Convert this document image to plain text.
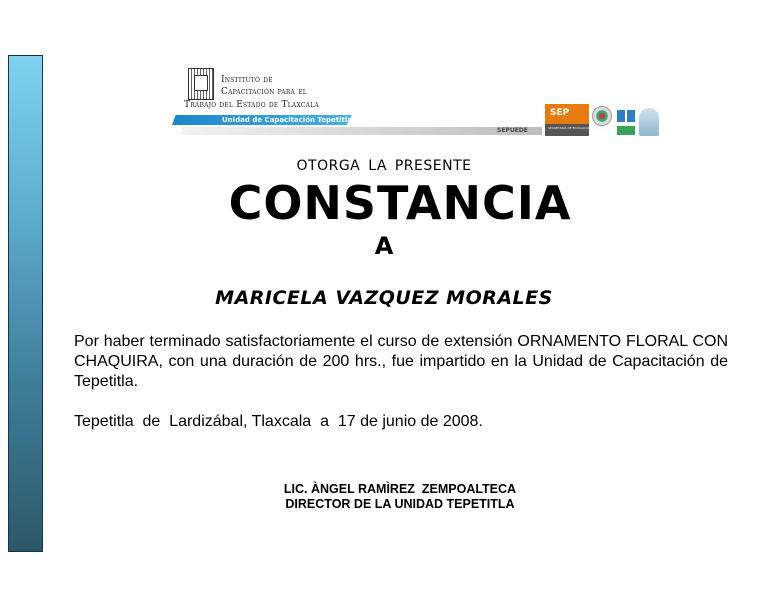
Instituto de
Capacitación para el
Trabajo del Estado de Tlaxcala
SEPUEDE
Unidad de Capacitación Tepetitla
SEP
SECRETARÍA DE EDUCACIÓN PÚBLICA
OTORGA LA PRESENTE
CONSTANCIA
A
MARICELA VAZQUEZ MORALES
Por haber terminado satisfactoriamente el curso de extensión ORNAMENTO FLORAL CON CHAQUIRA, con una duración de 200 hrs., fue impartido en la Unidad de Capacitación de Tepetitla.
Tepetitla  de  Lardizábal, Tlaxcala  a  17 de junio de 2008.
LIC. ÀNGEL RAMÌREZ  ZEMPOALTECA
DIRECTOR DE LA UNIDAD TEPETITLA
